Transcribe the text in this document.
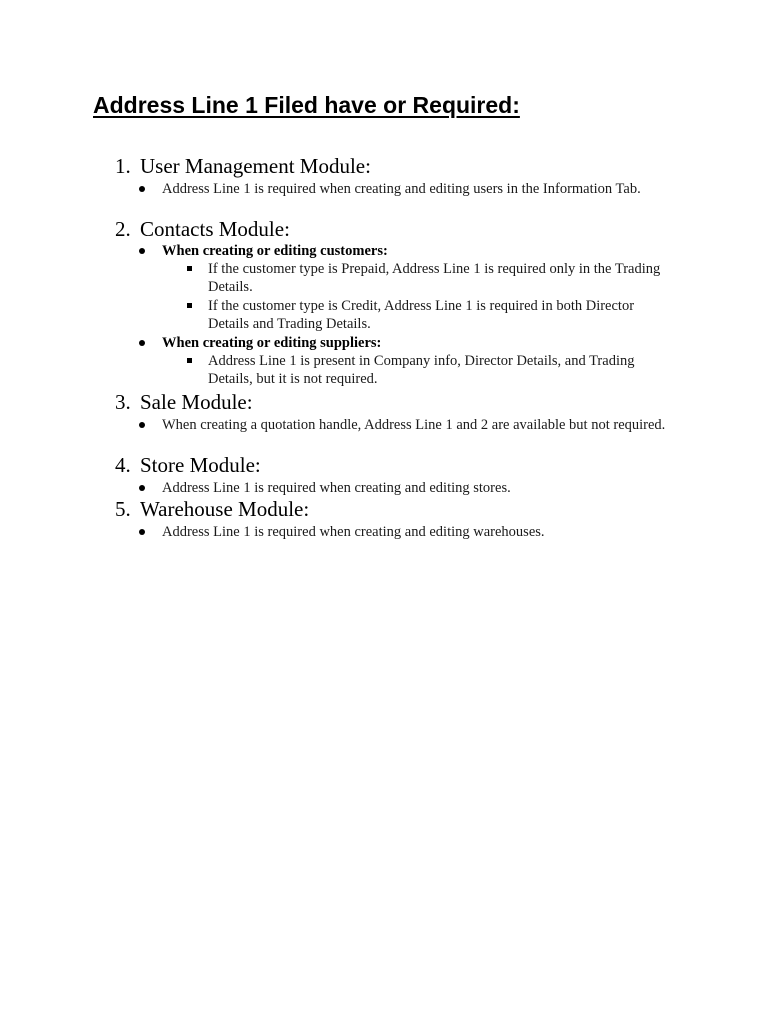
Address Line 1 Filed have or Required:
1. User Management Module:
Address Line 1 is required when creating and editing users in the Information Tab.
2. Contacts Module:
When creating or editing customers:
If the customer type is Prepaid, Address Line 1 is required only in the Trading Details.
If the customer type is Credit, Address Line 1 is required in both Director Details and Trading Details.
When creating or editing suppliers:
Address Line 1 is present in Company info, Director Details, and Trading Details, but it is not required.
3. Sale Module:
When creating a quotation handle, Address Line 1 and 2 are available but not required.
4. Store Module:
Address Line 1 is required when creating and editing stores.
5. Warehouse Module:
Address Line 1 is required when creating and editing warehouses.
